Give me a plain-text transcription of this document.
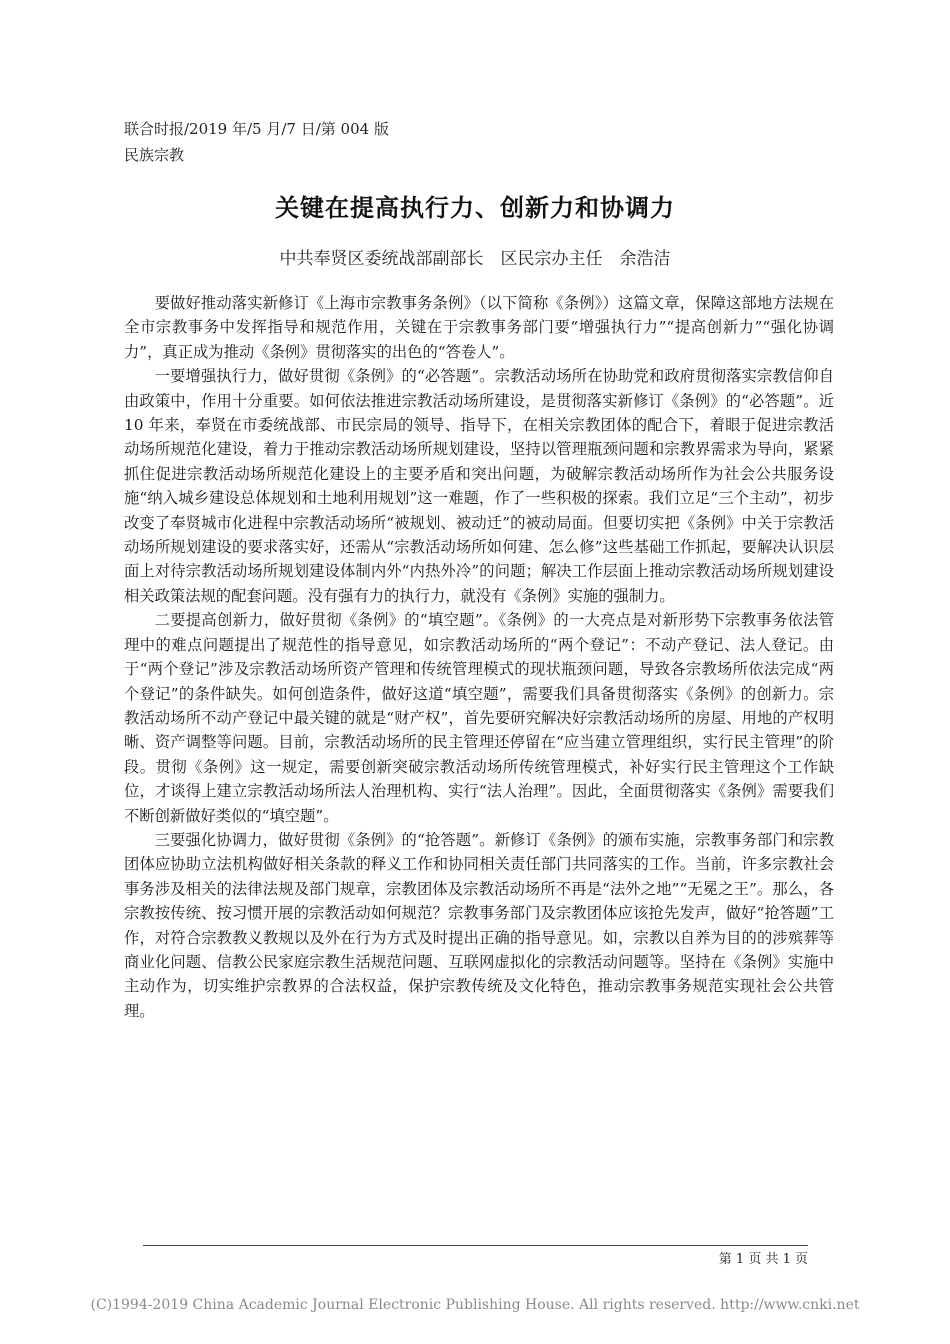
联合时报/2019 年/5 月/7 日/第 004 版
民族宗教
关键在提高执行力、创新力和协调力
中共奉贤区委统战部副部长　区民宗办主任　余浩洁

要做好推动落实新修订《上海市宗教事务条例》（以下简称《条例》）这篇文章，保障这部地方法规在全市宗教事务中发挥指导和规范作用，关键在于宗教事务部门要“增强执行力”“提高创新力”“强化协调力”，真正成为推动《条例》贯彻落实的出色的“答卷人”。

一要增强执行力，做好贯彻《条例》的“必答题”。宗教活动场所在协助党和政府贯彻落实宗教信仰自由政策中，作用十分重要。如何依法推进宗教活动场所建设，是贯彻落实新修订《条例》的“必答题”。近 10 年来，奉贤在市委统战部、市民宗局的领导、指导下，在相关宗教团体的配合下，着眼于促进宗教活动场所规范化建设，着力于推动宗教活动场所规划建设，坚持以管理瓶颈问题和宗教界需求为导向，紧紧抓住促进宗教活动场所规范化建设上的主要矛盾和突出问题，为破解宗教活动场所作为社会公共服务设施“纳入城乡建设总体规划和土地利用规划”这一难题，作了一些积极的探索。我们立足“三个主动”，初步改变了奉贤城市化进程中宗教活动场所“被规划、被动迁”的被动局面。但要切实把《条例》中关于宗教活动场所规划建设的要求落实好，还需从“宗教活动场所如何建、怎么修”这些基础工作抓起，要解决认识层面上对待宗教活动场所规划建设体制内外“内热外冷”的问题；解决工作层面上推动宗教活动场所规划建设相关政策法规的配套问题。没有强有力的执行力，就没有《条例》实施的强制力。

二要提高创新力，做好贯彻《条例》的“填空题”。《条例》的一大亮点是对新形势下宗教事务依法管理中的难点问题提出了规范性的指导意见，如宗教活动场所的“两个登记”：不动产登记、法人登记。由于“两个登记”涉及宗教活动场所资产管理和传统管理模式的现状瓶颈问题，导致各宗教场所依法完成“两个登记”的条件缺失。如何创造条件，做好这道“填空题”，需要我们具备贯彻落实《条例》的创新力。宗教活动场所不动产登记中最关键的就是“财产权”，首先要研究解决好宗教活动场所的房屋、用地的产权明晰、资产调整等问题。目前，宗教活动场所的民主管理还停留在“应当建立管理组织，实行民主管理”的阶段。贯彻《条例》这一规定，需要创新突破宗教活动场所传统管理模式，补好实行民主管理这个工作缺位，才谈得上建立宗教活动场所法人治理机构、实行“法人治理”。因此，全面贯彻落实《条例》需要我们不断创新做好类似的“填空题”。

三要强化协调力，做好贯彻《条例》的“抢答题”。新修订《条例》的颁布实施，宗教事务部门和宗教团体应协助立法机构做好相关条款的释义工作和协同相关责任部门共同落实的工作。当前，许多宗教社会事务涉及相关的法律法规及部门规章，宗教团体及宗教活动场所不再是“法外之地”“无冕之王”。那么，各宗教按传统、按习惯开展的宗教活动如何规范？宗教事务部门及宗教团体应该抢先发声，做好“抢答题”工作，对符合宗教教义教规以及外在行为方式及时提出正确的指导意见。如，宗教以自养为目的的涉殡葬等商业化问题、信教公民家庭宗教生活规范问题、互联网虚拟化的宗教活动问题等。坚持在《条例》实施中主动作为，切实维护宗教界的合法权益，保护宗教传统及文化特色，推动宗教事务规范实现社会公共管理。

第 1 页 共 1 页
(C)1994-2019 China Academic Journal Electronic Publishing House. All rights reserved. http://www.cnki.net
